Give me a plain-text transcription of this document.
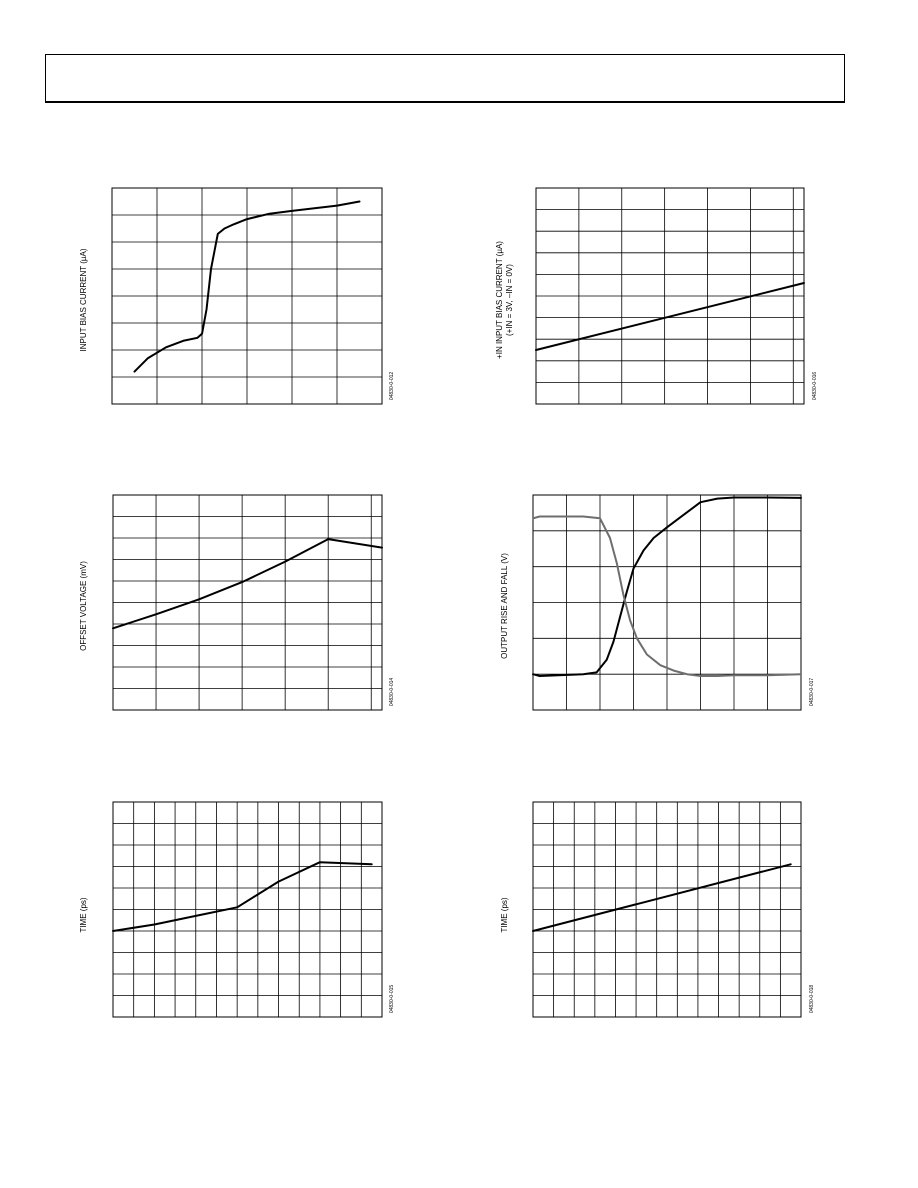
INPUT BIAS CURRENT (µA)
04830-0-012
+IN INPUT BIAS CURRENT (µA)
(+IN = 3V, –IN = 0V)
04830-0-016
OFFSET VOLTAGE (mV)
04830-0-014
OUTPUT RISE AND FALL (V)
04830-0-017
TIME (ps)
04830-0-015
TIME (ps)
04830-0-018
